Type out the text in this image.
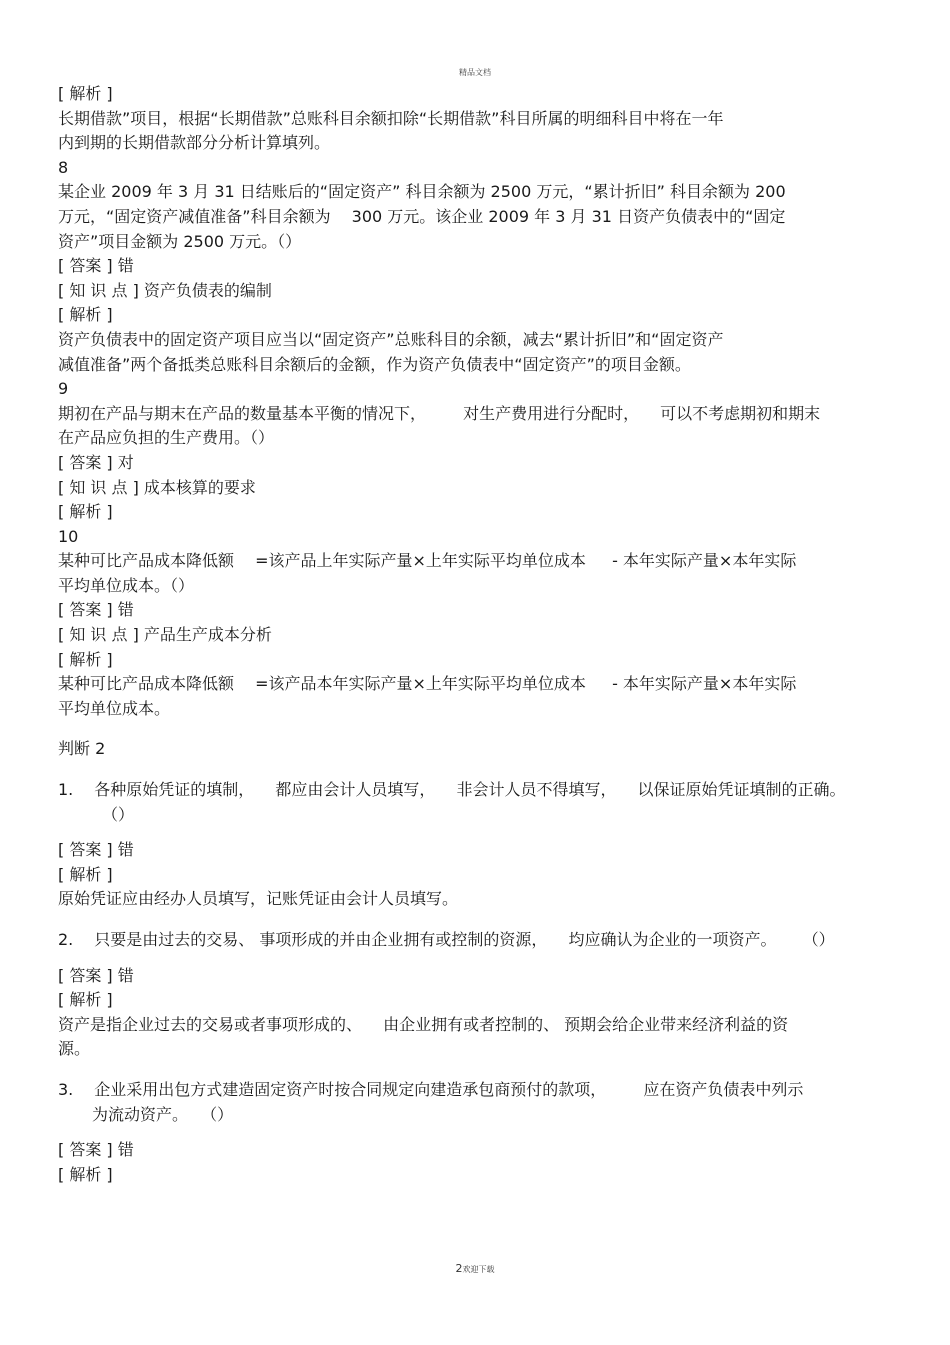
精品文档
[ 解析 ]
长期借款”项目，根据“长期借款”总账科目余额扣除“长期借款”科目所属的明细科目中将在一年
内到期的长期借款部分分析计算填列。
8
某企业 2009 年 3 月 31 日结账后的“固定资产” 科目余额为 2500 万元，“累计折旧” 科目余额为 200
万元，“固定资产减值准备”科目余额为 　300 万元。该企业 2009 年 3 月 31 日资产负债表中的“固定
资产”项目金额为 2500 万元。（）
[ 答案 ] 错
[ 知 识 点 ] 资产负债表的编制
[ 解析 ]
资产负债表中的固定资产项目应当以“固定资产”总账科目的余额，减去“累计折旧”和“固定资产
减值准备”两个备抵类总账科目余额后的金额，作为资产负债表中“固定资产”的项目金额。
9
期初在产品与期末在产品的数量基本平衡的情况下， 　　对生产费用进行分配时， 　可以不考虑期初和期末
在产品应负担的生产费用。（）
[ 答案 ] 对
[ 知 识 点 ] 成本核算的要求
[ 解析 ]
10
某种可比产品成本降低额 　=该产品上年实际产量×上年实际平均单位成本 　 - 本年实际产量×本年实际
平均单位成本。（）
[ 答案 ] 错
[ 知 识 点 ] 产品生产成本分析
[ 解析 ]
某种可比产品成本降低额 　=该产品本年实际产量×上年实际平均单位成本 　 - 本年实际产量×本年实际
平均单位成本。
判断 2
1. 各种原始凭证的填制， 　都应由会计人员填写， 　非会计人员不得填写， 　以保证原始凭证填制的正确。
（）
[ 答案 ] 错
[ 解析 ]
原始凭证应由经办人员填写，记账凭证由会计人员填写。
2. 只要是由过去的交易、 事项形成的并由企业拥有或控制的资源， 　均应确认为企业的一项资产。 　 （）
[ 答案 ] 错
[ 解析 ]
资产是指企业过去的交易或者事项形成的、 　由企业拥有或者控制的、 预期会给企业带来经济利益的资
源。
3. 企业采用出包方式建造固定资产时按合同规定向建造承包商预付的款项， 　　应在资产负债表中列示
为流动资产。 　（）
[ 答案 ] 错
[ 解析 ]
2欢迎下载
